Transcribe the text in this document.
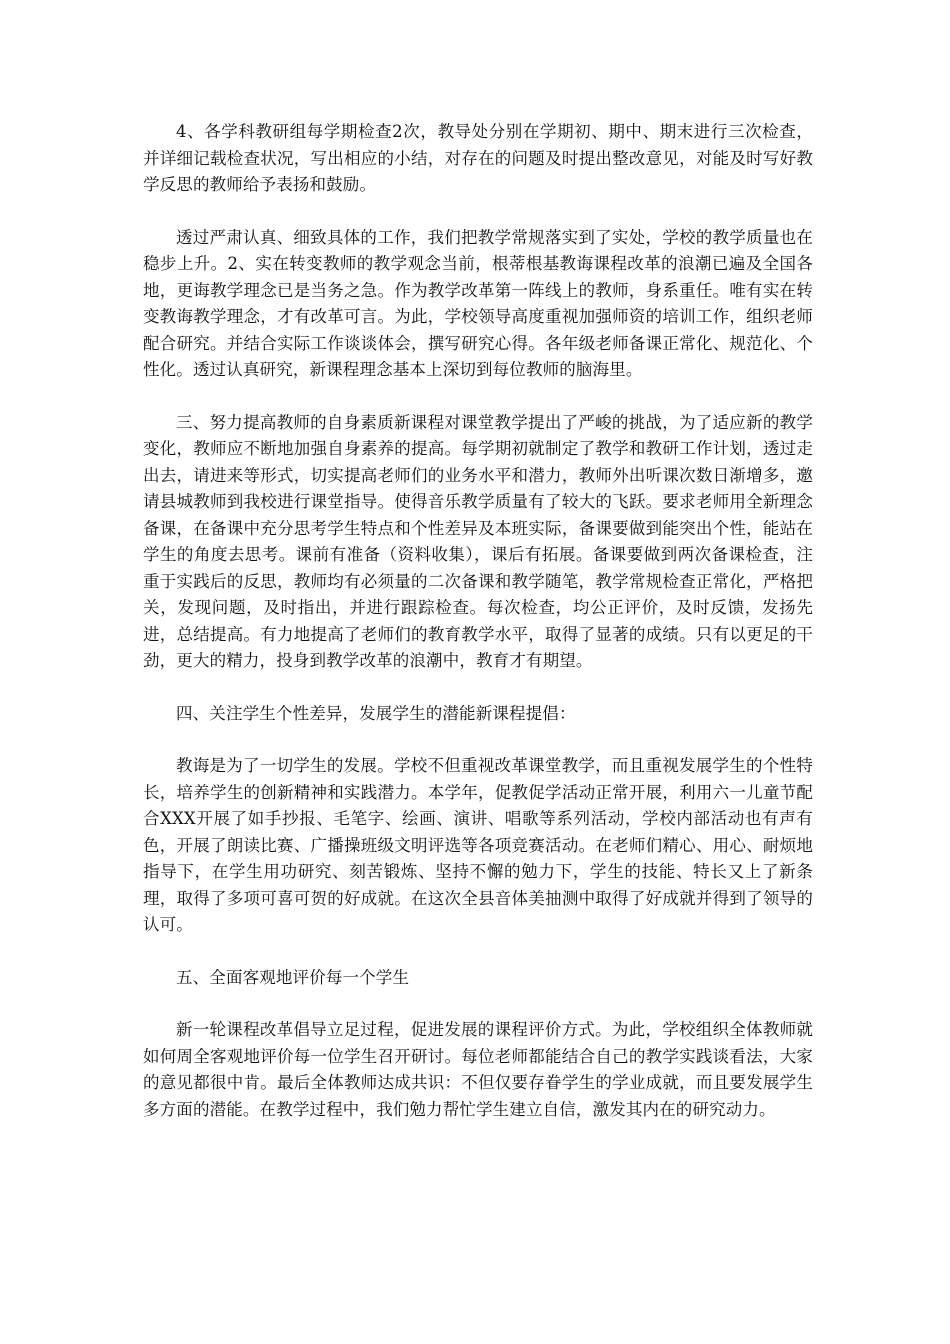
4、各学科教研组每学期检查2次，教导处分别在学期初、期中、期末进行三次检查，并详细记载检查状况，写出相应的小结，对存在的问题及时提出整改意见，对能及时写好教学反思的教师给予表扬和鼓励。

透过严肃认真、细致具体的工作，我们把教学常规落实到了实处，学校的教学质量也在稳步上升。2、实在转变教师的教学观念当前，根蒂根基教诲课程改革的浪潮已遍及全国各地，更诲教学理念已是当务之急。作为教学改革第一阵线上的教师，身系重任。唯有实在转变教诲教学理念，才有改革可言。为此，学校领导高度重视加强师资的培训工作，组织老师配合研究。并结合实际工作谈谈体会，撰写研究心得。各年级老师备课正常化、规范化、个性化。透过认真研究，新课程理念基本上深切到每位教师的脑海里。

三、努力提高教师的自身素质新课程对课堂教学提出了严峻的挑战，为了适应新的教学变化，教师应不断地加强自身素养的提高。每学期初就制定了教学和教研工作计划，透过走出去，请进来等形式，切实提高老师们的业务水平和潜力，教师外出听课次数日渐增多，邀请县城教师到我校进行课堂指导。使得音乐教学质量有了较大的飞跃。要求老师用全新理念备课，在备课中充分思考学生特点和个性差异及本班实际，备课要做到能突出个性，能站在学生的角度去思考。课前有准备（资料收集），课后有拓展。备课要做到两次备课检查，注重于实践后的反思，教师均有必须量的二次备课和教学随笔，教学常规检查正常化，严格把关，发现问题，及时指出，并进行跟踪检查。每次检查，均公正评价，及时反馈，发扬先进，总结提高。有力地提高了老师们的教育教学水平，取得了显著的成绩。只有以更足的干劲，更大的精力，投身到教学改革的浪潮中，教育才有期望。

四、关注学生个性差异，发展学生的潜能新课程提倡：

教诲是为了一切学生的发展。学校不但重视改革课堂教学，而且重视发展学生的个性特长，培养学生的创新精神和实践潜力。本学年，促教促学活动正常开展，利用六一儿童节配合XXX开展了如手抄报、毛笔字、绘画、演讲、唱歌等系列活动，学校内部活动也有声有色，开展了朗读比赛、广播操班级文明评选等各项竞赛活动。在老师们精心、用心、耐烦地指导下，在学生用功研究、刻苦锻炼、坚持不懈的勉力下，学生的技能、特长又上了新条理，取得了多项可喜可贺的好成就。在这次全县音体美抽测中取得了好成就并得到了领导的认可。

五、全面客观地评价每一个学生

新一轮课程改革倡导立足过程，促进发展的课程评价方式。为此，学校组织全体教师就如何周全客观地评价每一位学生召开研讨。每位老师都能结合自己的教学实践谈看法，大家的意见都很中肯。最后全体教师达成共识：不但仅要存眷学生的学业成就，而且要发展学生多方面的潜能。在教学过程中，我们勉力帮忙学生建立自信，激发其内在的研究动力。
